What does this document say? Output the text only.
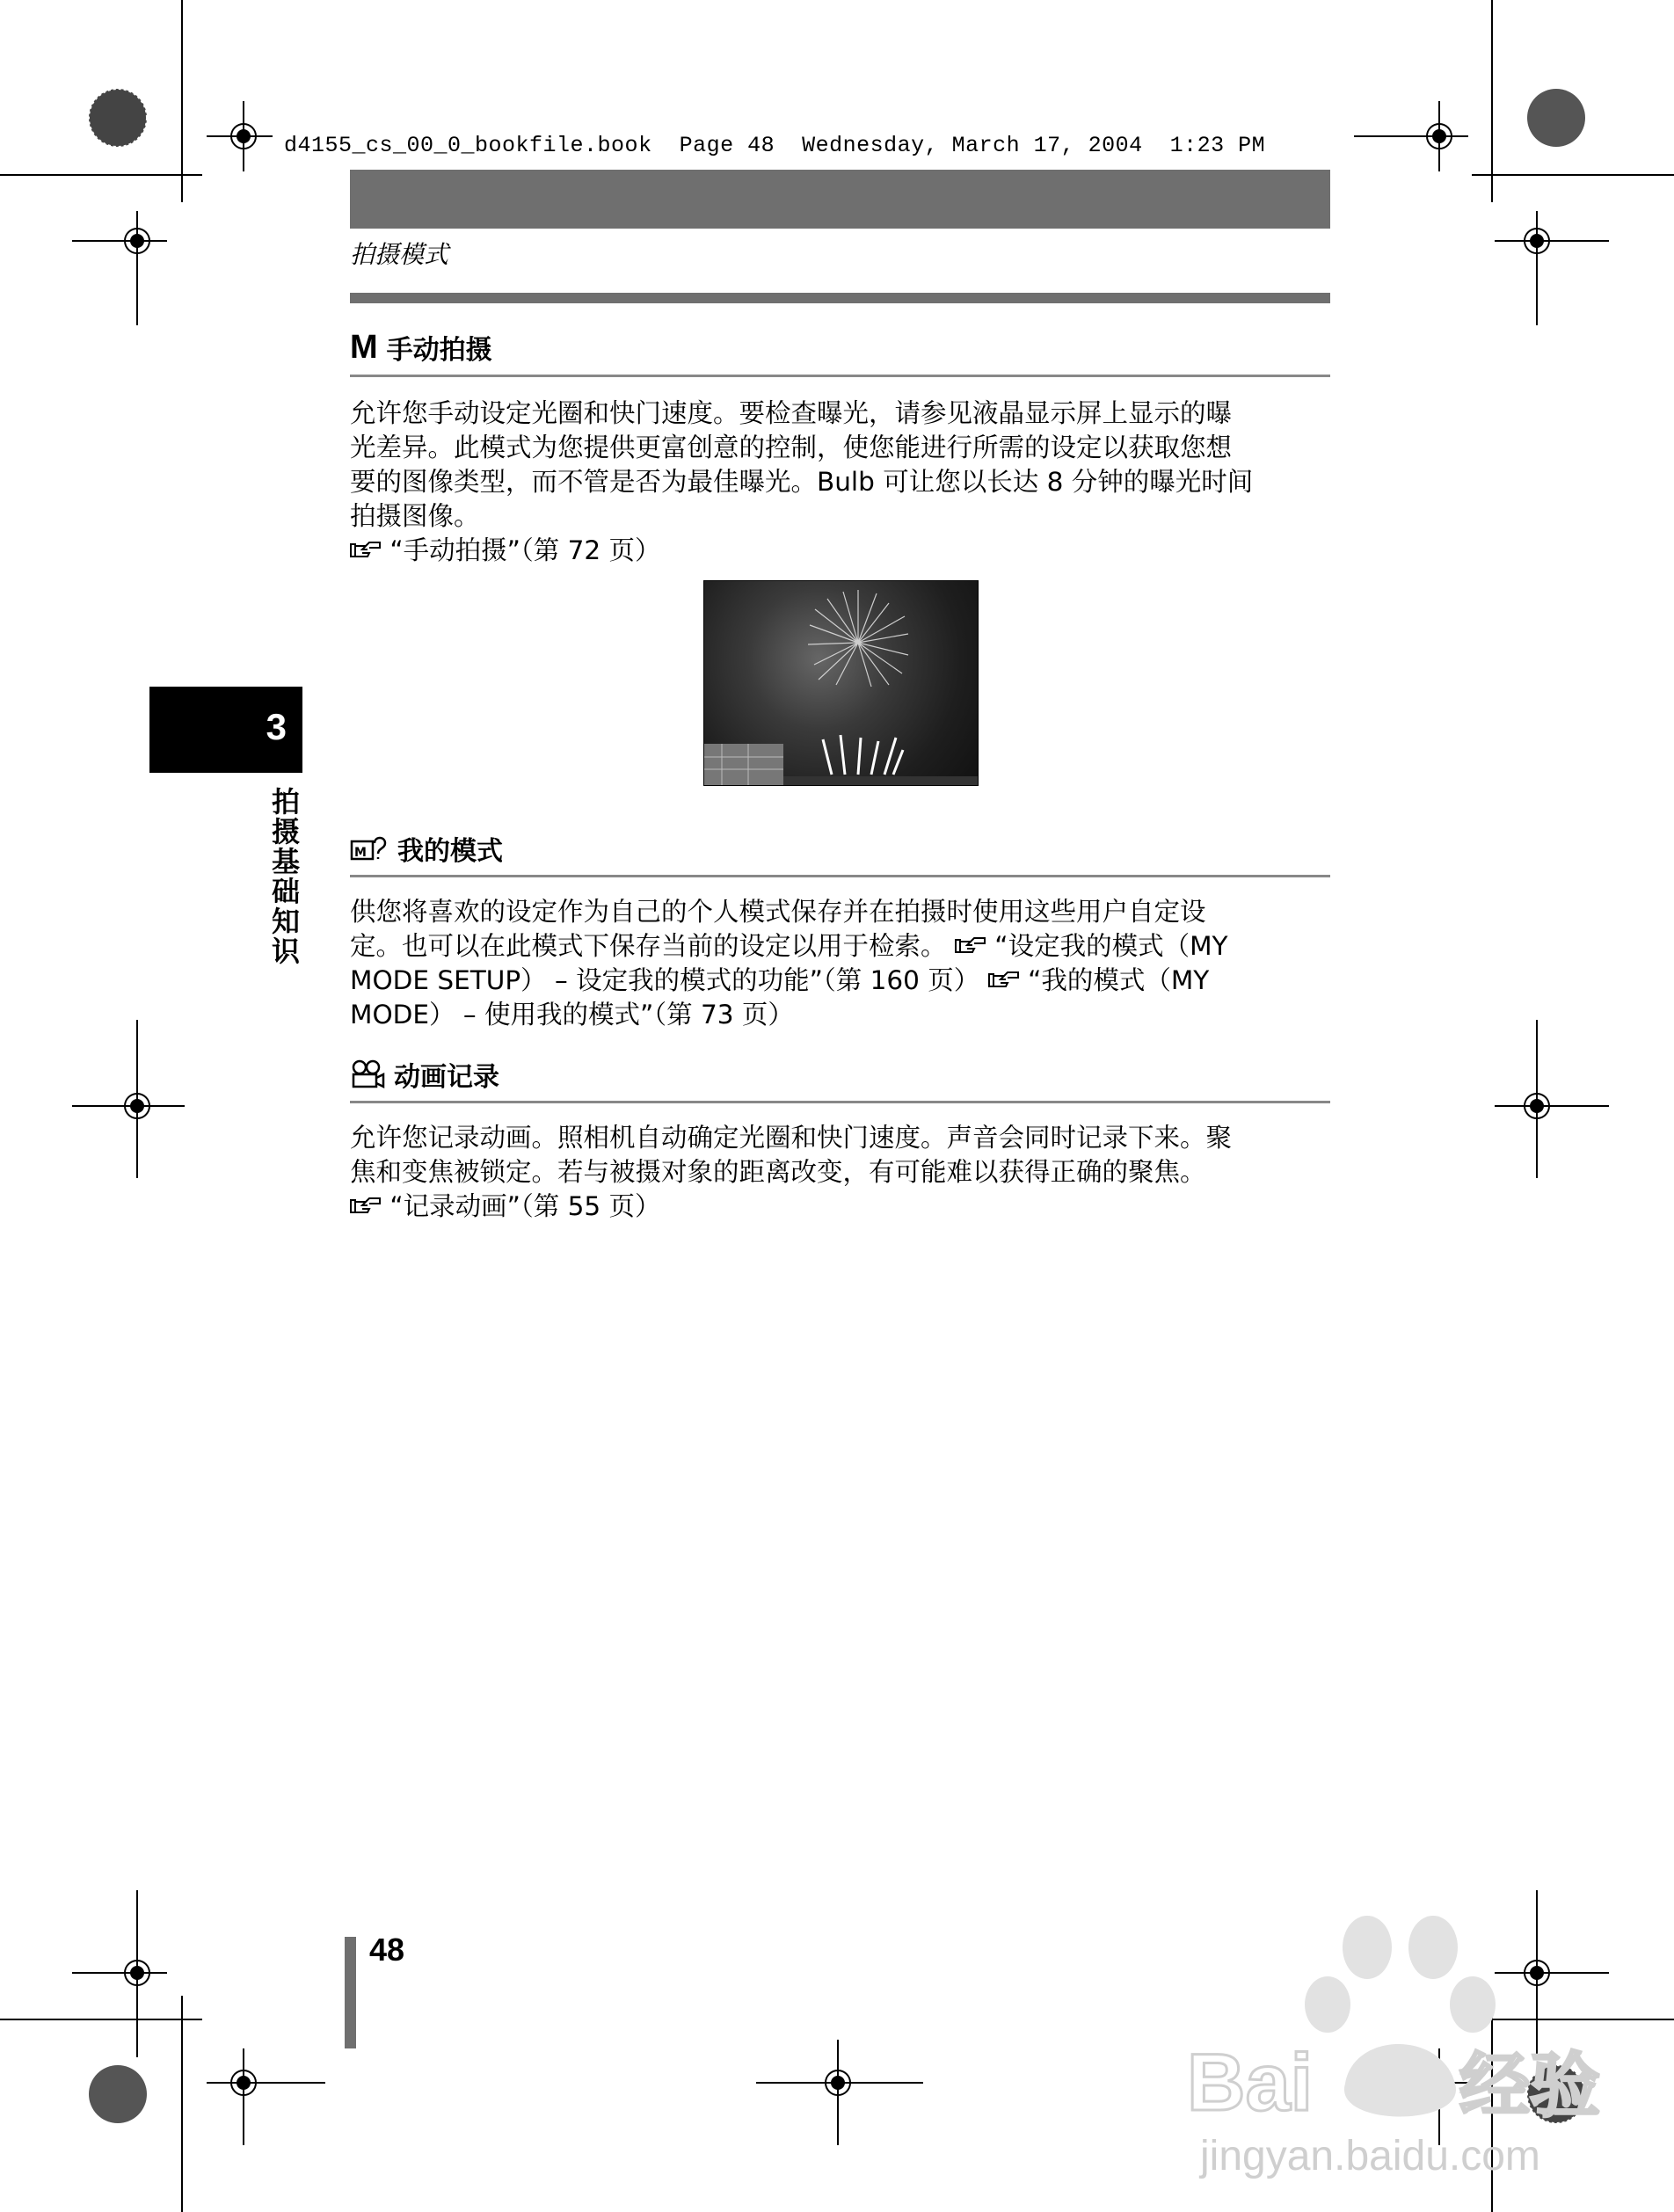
d4155_cs_00_0_bookfile.book  Page 48  Wednesday, March 17, 2004  1:23 PM
拍摄模式
M 手动拍摄
允许您手动设定光圈和快门速度。要检查曝光，请参见液晶显示屏上显示的曝
光差异。此模式为您提供更富创意的控制，使您能进行所需的设定以获取您想
要的图像类型，而不管是否为最佳曝光。Bulb 可让您以长达 8 分钟的曝光时间
拍摄图像。
“手动拍摄”（第 72 页）
M 我的模式
供您将喜欢的设定作为自己的个人模式保存并在拍摄时使用这些用户自定设
定。也可以在此模式下保存当前的设定以用于检索。 “设定我的模式（MY
MODE SETUP） – 设定我的模式的功能”（第 160 页） “我的模式（MY
MODE） – 使用我的模式”（第 73 页）
动画记录
允许您记录动画。照相机自动确定光圈和快门速度。声音会同时记录下来。聚
焦和变焦被锁定。若与被摄对象的距离改变，有可能难以获得正确的聚焦。
“记录动画”（第 55 页）
3
拍摄基础知识
48
Bai 经验
jingyan.baidu.com
